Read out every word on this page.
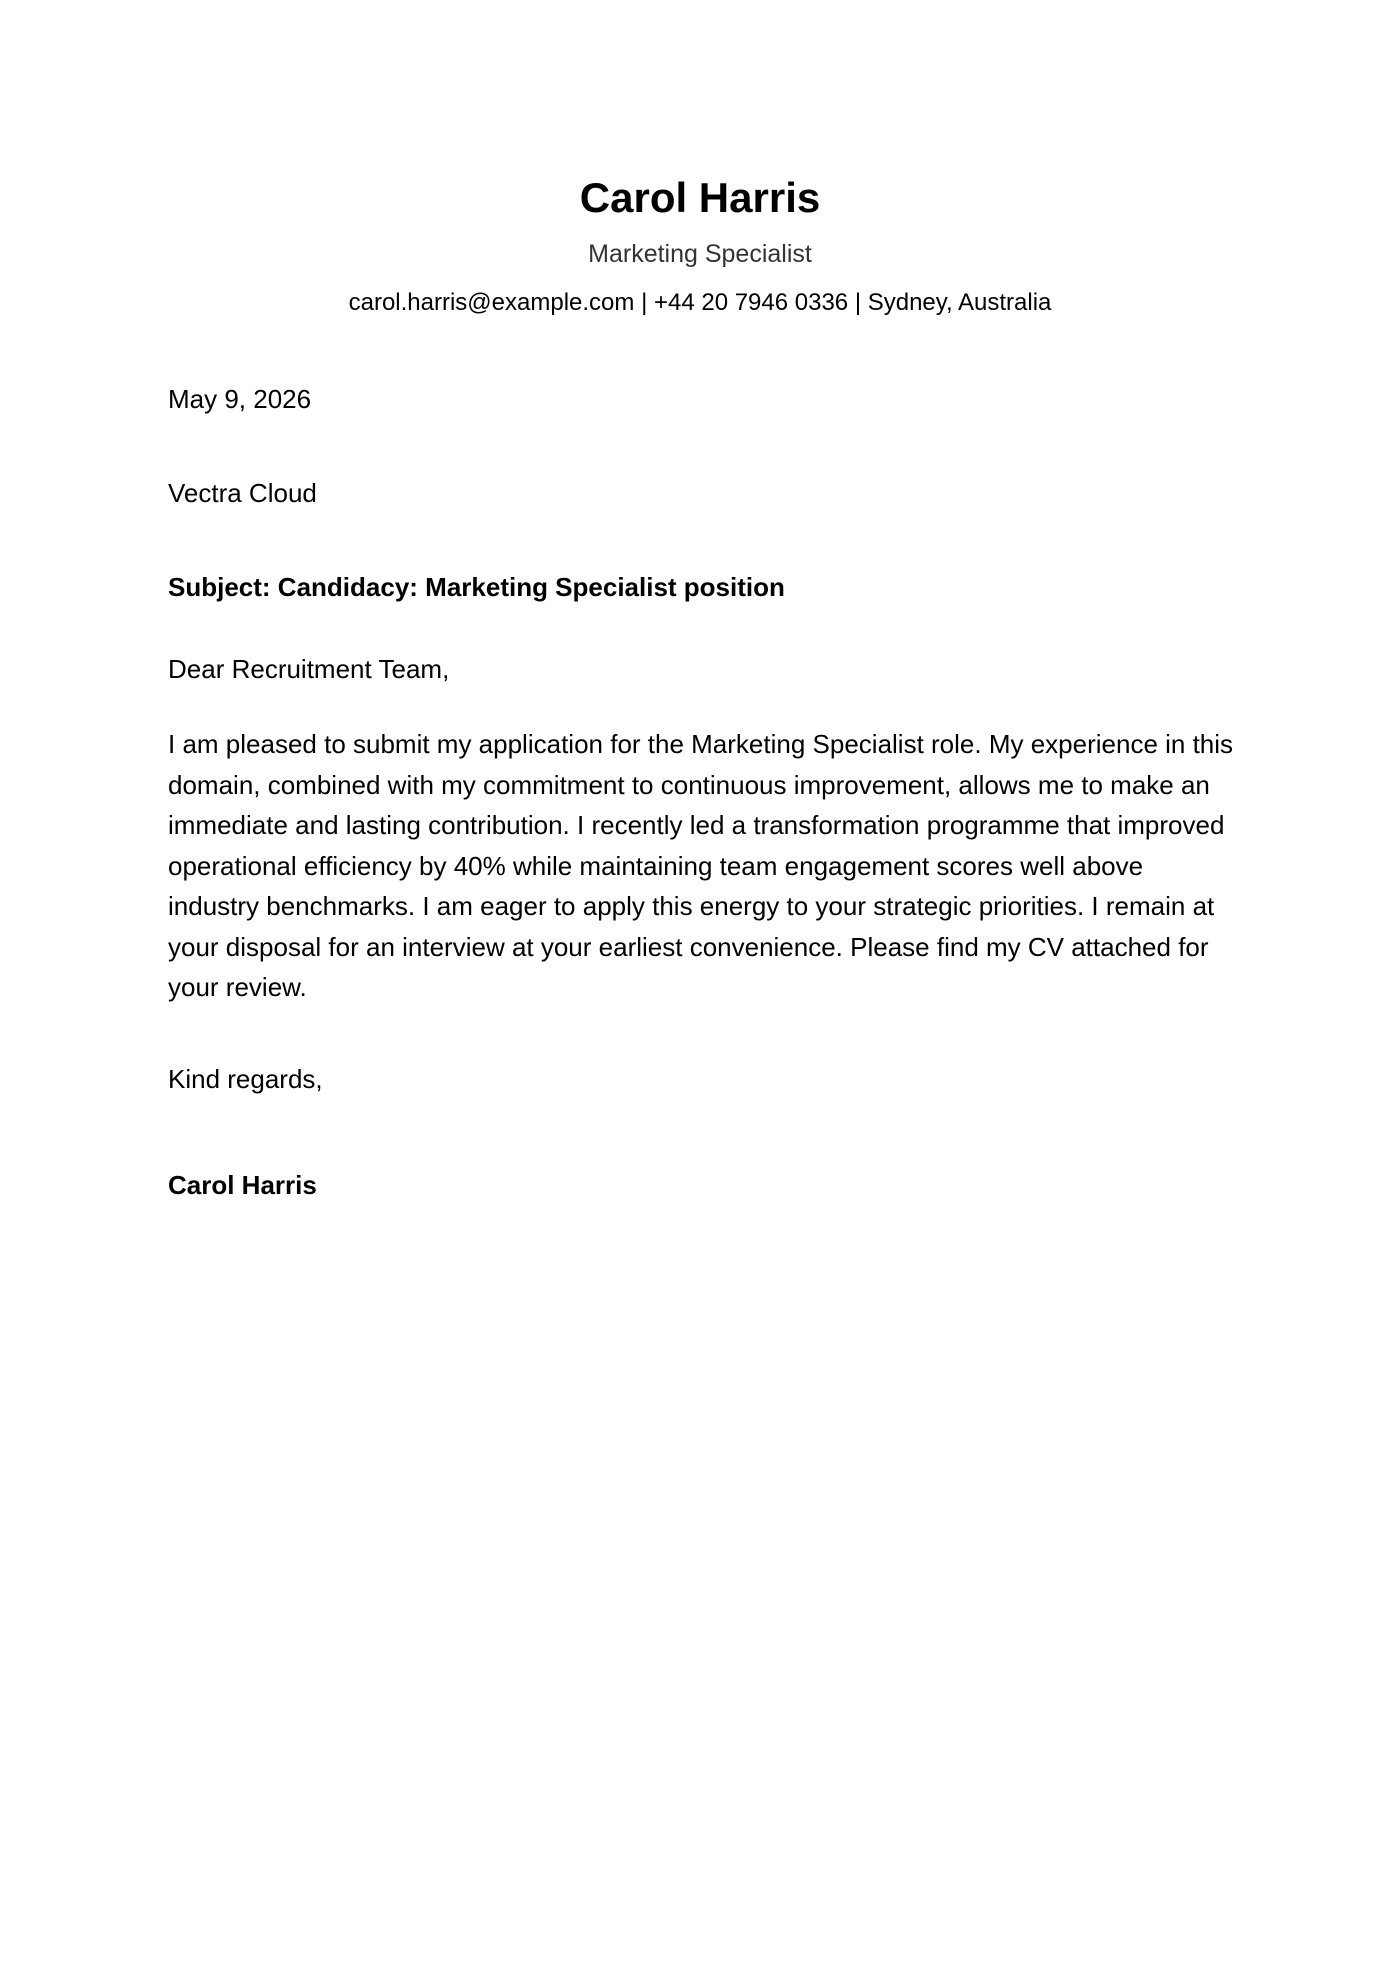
Carol Harris
Marketing Specialist
carol.harris@example.com | +44 20 7946 0336 | Sydney, Australia
May 9, 2026
Vectra Cloud
Subject: Candidacy: Marketing Specialist position
Dear Recruitment Team,
I am pleased to submit my application for the Marketing Specialist role. My experience in this domain, combined with my commitment to continuous improvement, allows me to make an immediate and lasting contribution. I recently led a transformation programme that improved operational efficiency by 40% while maintaining team engagement scores well above industry benchmarks. I am eager to apply this energy to your strategic priorities. I remain at your disposal for an interview at your earliest convenience. Please find my CV attached for your review.
Kind regards,
Carol Harris
